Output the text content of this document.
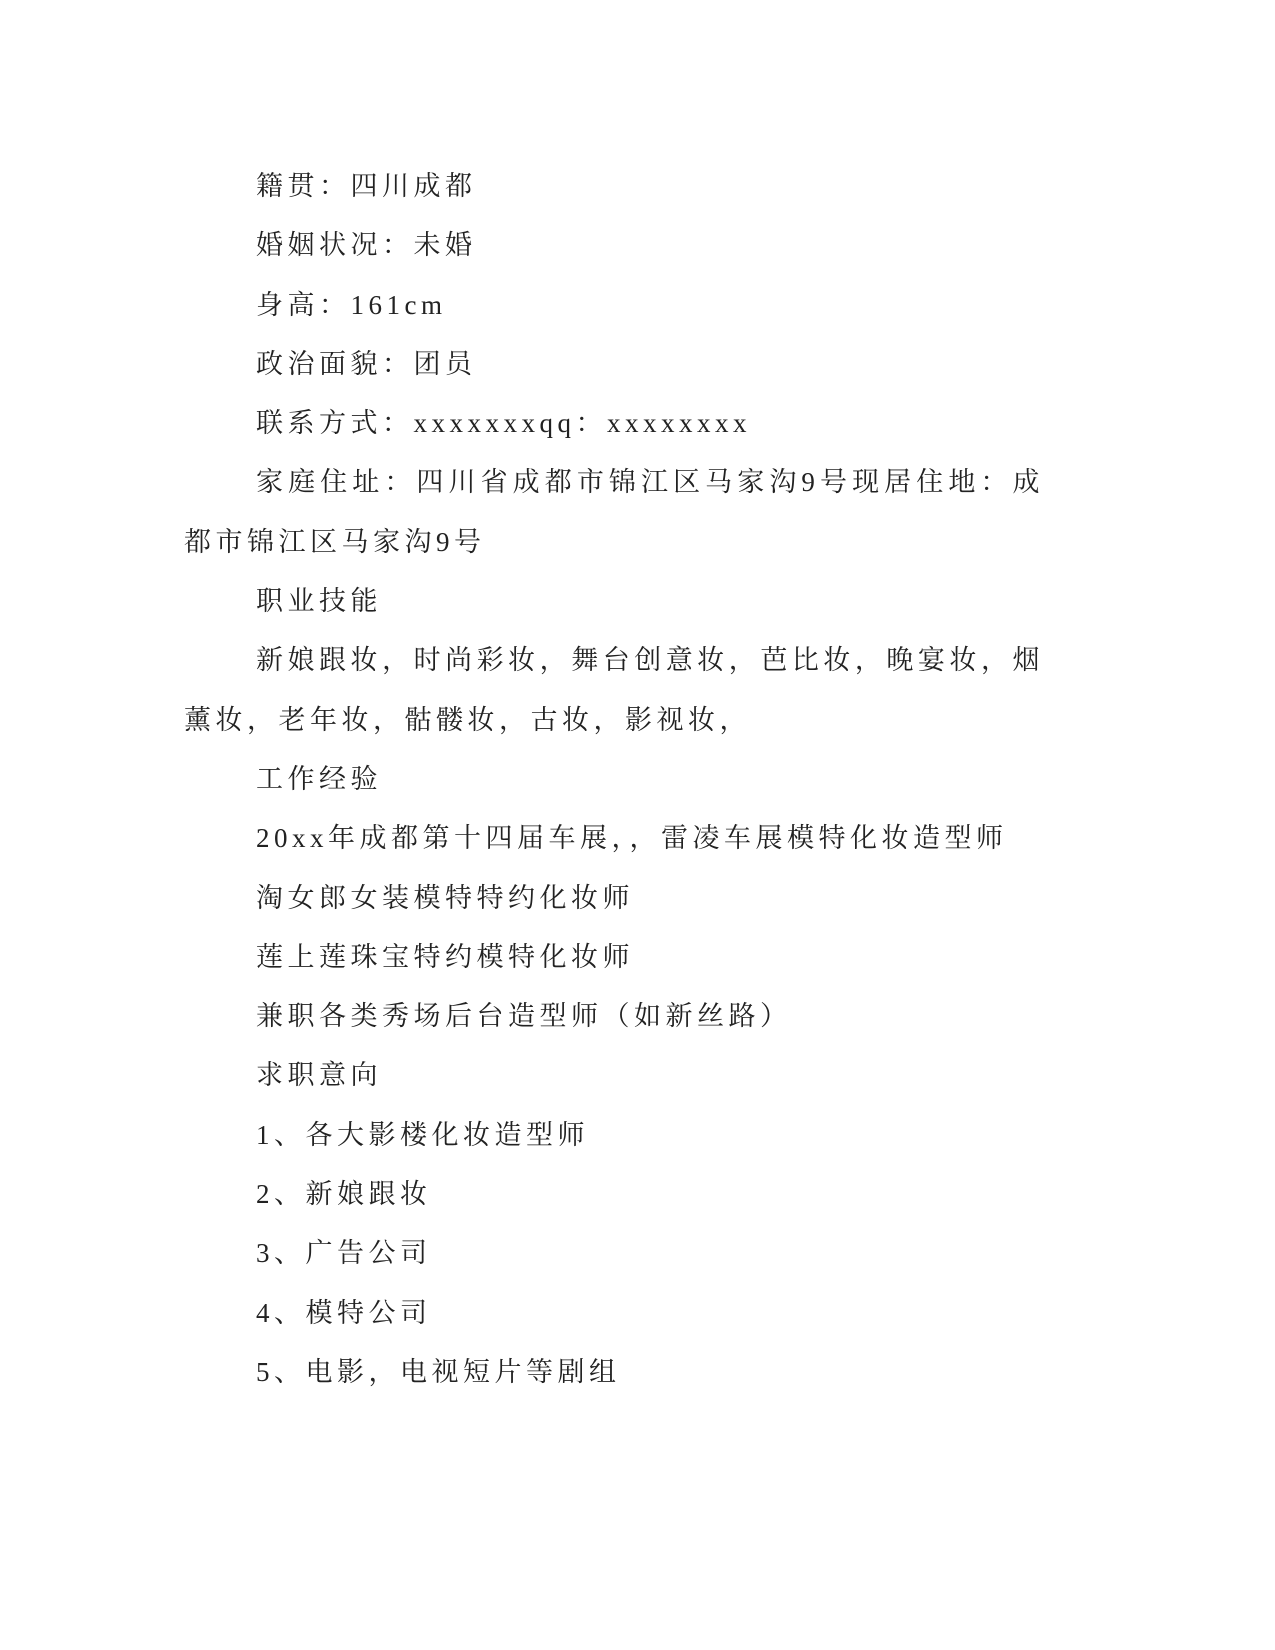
籍贯：四川成都

婚姻状况：未婚

身高：161cm

政治面貌：团员

联系方式：xxxxxxxqq：xxxxxxxx

家庭住址：四川省成都市锦江区马家沟9号现居住地：成都市锦江区马家沟9号

职业技能

新娘跟妆，时尚彩妆，舞台创意妆，芭比妆，晚宴妆，烟薰妆，老年妆，骷髅妆，古妆，影视妆，

工作经验

20xx年成都第十四届车展，，雷凌车展模特化妆造型师

淘女郎女装模特特约化妆师

莲上莲珠宝特约模特化妆师

兼职各类秀场后台造型师（如新丝路）

求职意向

1、各大影楼化妆造型师

2、新娘跟妆

3、广告公司

4、模特公司

5、电影，电视短片等剧组
